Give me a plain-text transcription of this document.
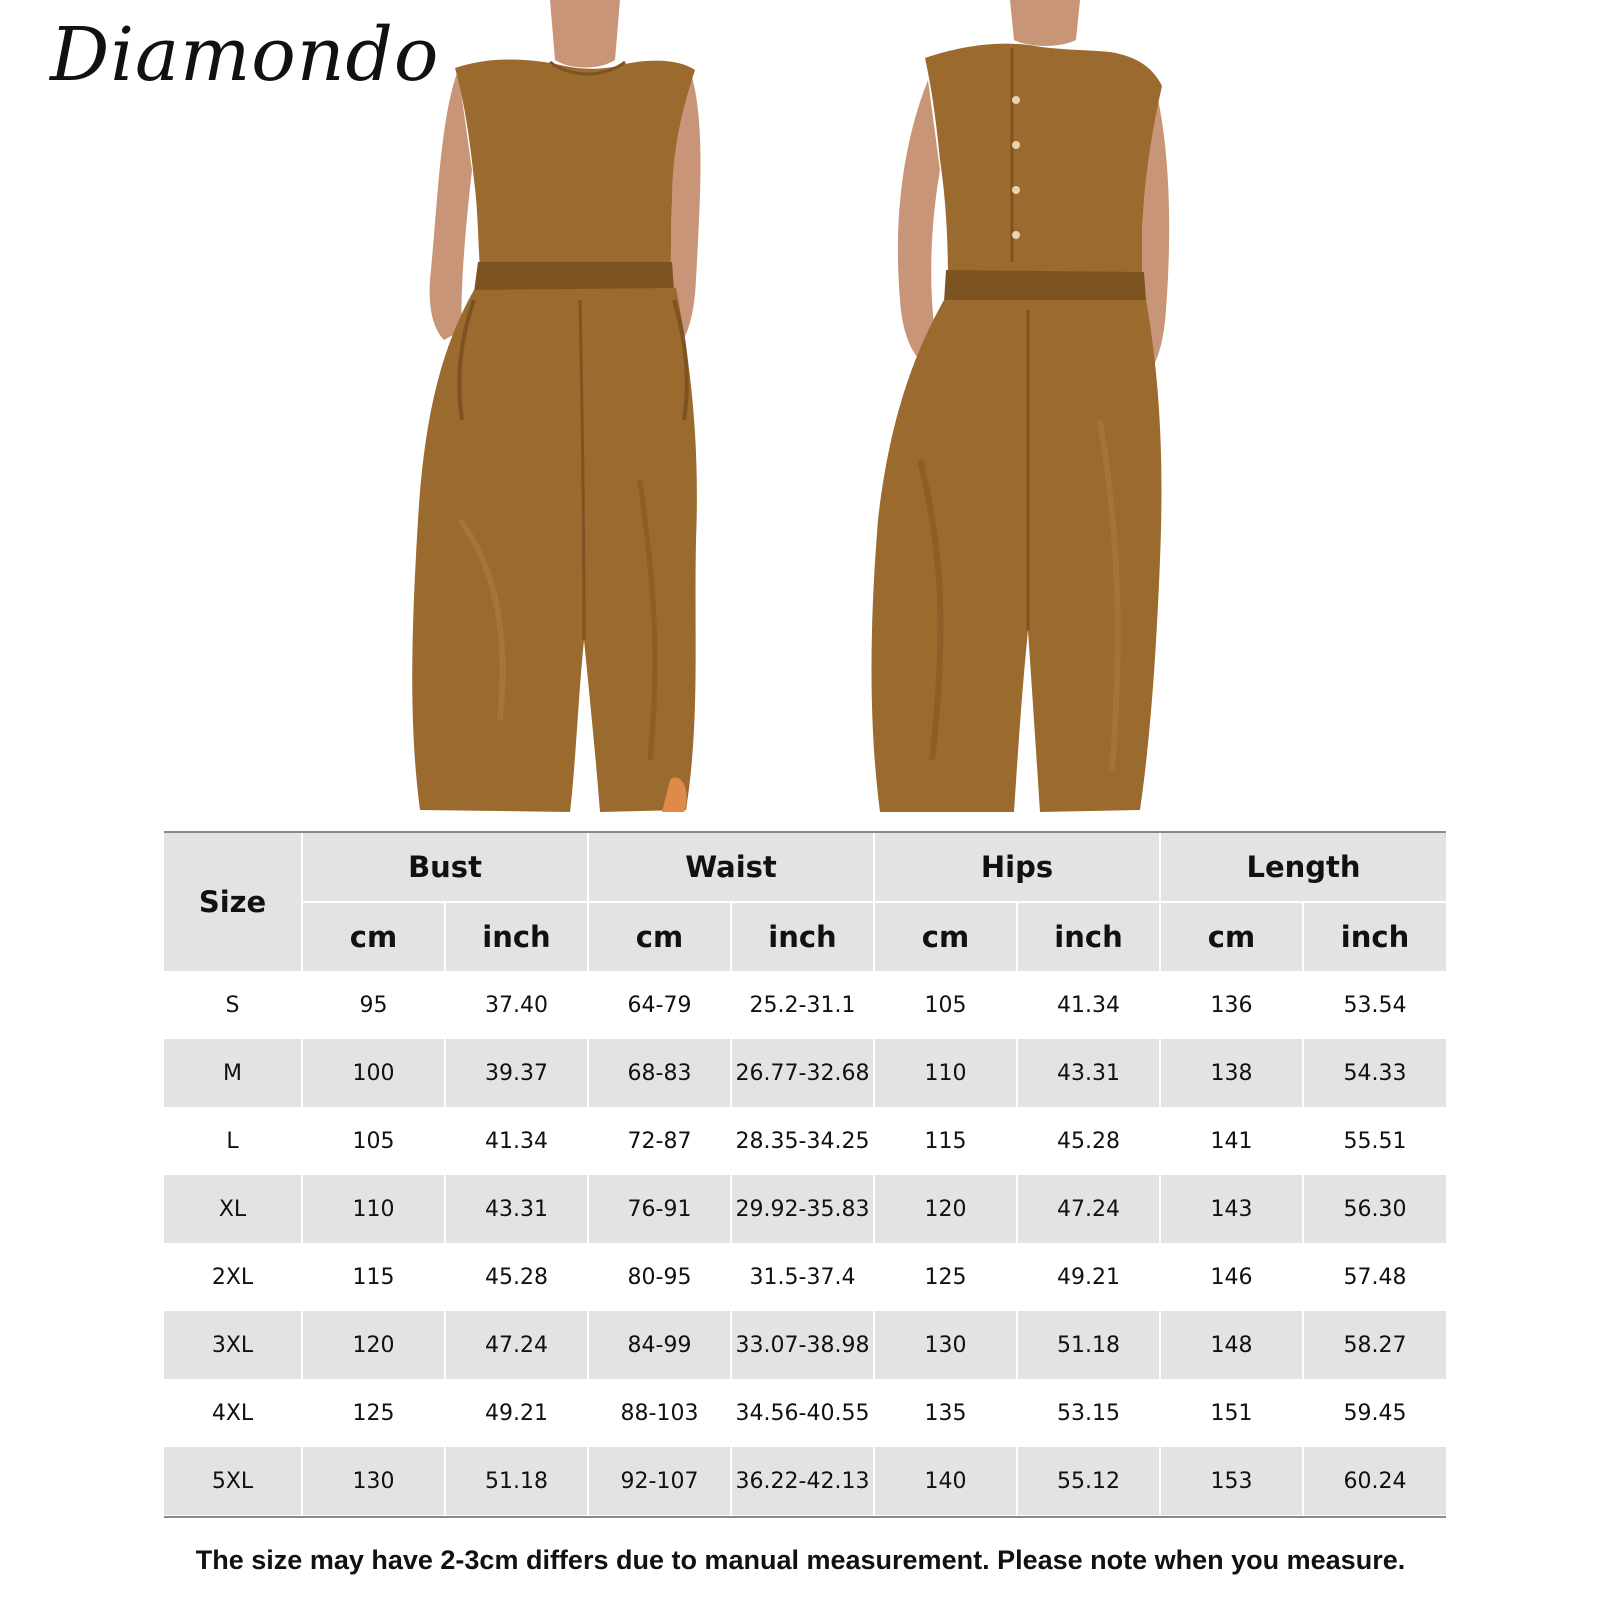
Diamondo
Size	Bust		Waist		Hips		Length	
	cm	inch	cm	inch	cm	inch	cm	inch
S	95	37.40	64-79	25.2-31.1	105	41.34	136	53.54
M	100	39.37	68-83	26.77-32.68	110	43.31	138	54.33
L	105	41.34	72-87	28.35-34.25	115	45.28	141	55.51
XL	110	43.31	76-91	29.92-35.83	120	47.24	143	56.30
2XL	115	45.28	80-95	31.5-37.4	125	49.21	146	57.48
3XL	120	47.24	84-99	33.07-38.98	130	51.18	148	58.27
4XL	125	49.21	88-103	34.56-40.55	135	53.15	151	59.45
5XL	130	51.18	92-107	36.22-42.13	140	55.12	153	60.24
The size may have 2-3cm differs due to manual measurement. Please note when you measure.
